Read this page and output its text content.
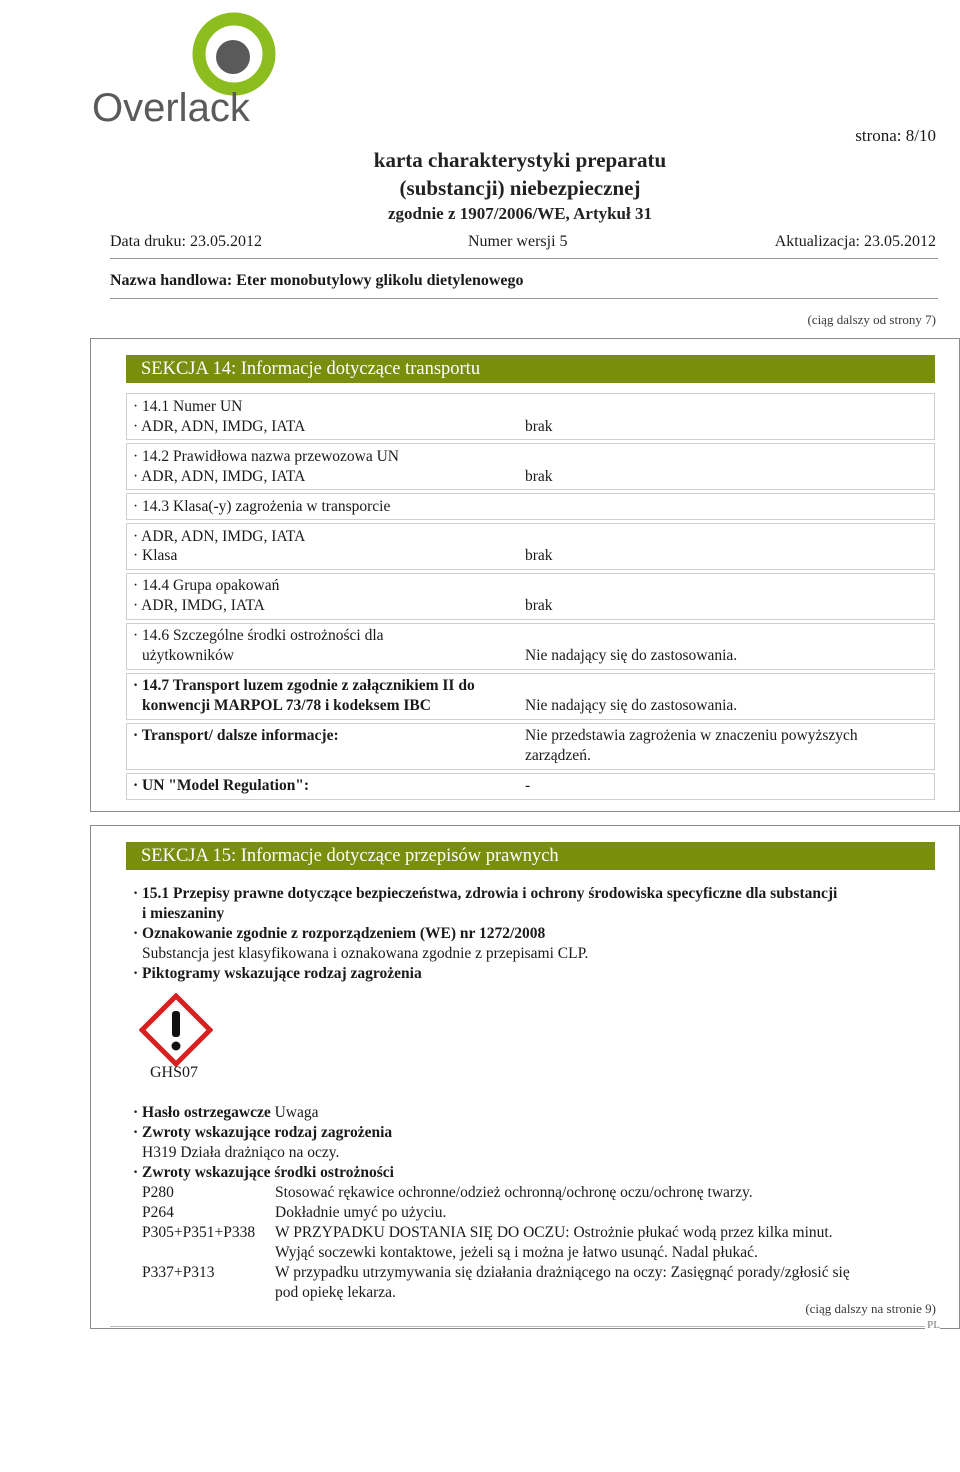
Overlack
strona: 8/10
karta charakterystyki preparatu
(substancji) niebezpiecznej
zgodnie z 1907/2006/WE, Artykuł 31
Data druku: 23.05.2012	Numer wersji 5	Aktualizacja: 23.05.2012
Nazwa handlowa: Eter monobutylowy glikolu dietylenowego
(ciąg dalszy od strony 7)
SEKCJA 14: Informacje dotyczące transportu
· 14.1 Numer UN
· ADR, ADN, IMDG, IATA	brak
· 14.2 Prawidłowa nazwa przewozowa UN
· ADR, ADN, IMDG, IATA	brak
· 14.3 Klasa(-y) zagrożenia w transporcie
· ADR, ADN, IMDG, IATA
· Klasa	brak
· 14.4 Grupa opakowań
· ADR, IMDG, IATA	brak
· 14.6 Szczególne środki ostrożności dla
użytkowników	Nie nadający się do zastosowania.
· 14.7 Transport luzem zgodnie z załącznikiem II do
konwencji MARPOL 73/78 i kodeksem IBC	Nie nadający się do zastosowania.
· Transport/ dalsze informacje:	Nie przedstawia zagrożenia w znaczeniu powyższych
zarządzeń.
· UN "Model Regulation":	-
SEKCJA 15: Informacje dotyczące przepisów prawnych
· 15.1 Przepisy prawne dotyczące bezpieczeństwa, zdrowia i ochrony środowiska specyficzne dla substancji
i mieszaniny
· Oznakowanie zgodnie z rozporządzeniem (WE) nr 1272/2008
Substancja jest klasyfikowana i oznakowana zgodnie z przepisami CLP.
· Piktogramy wskazujące rodzaj zagrożenia
GHS07
· Hasło ostrzegawcze Uwaga
· Zwroty wskazujące rodzaj zagrożenia
H319 Działa drażniąco na oczy.
· Zwroty wskazujące środki ostrożności
P280	Stosować rękawice ochronne/odzież ochronną/ochronę oczu/ochronę twarzy.
P264	Dokładnie umyć po użyciu.
P305+P351+P338 W PRZYPADKU DOSTANIA SIĘ DO OCZU: Ostrożnie płukać wodą przez kilka minut.
Wyjąć soczewki kontaktowe, jeżeli są i można je łatwo usunąć. Nadal płukać.
P337+P313	W przypadku utrzymywania się działania drażniącego na oczy: Zasięgnąć porady/zgłosić się
pod opiekę lekarza.
(ciąg dalszy na stronie 9)
PL
